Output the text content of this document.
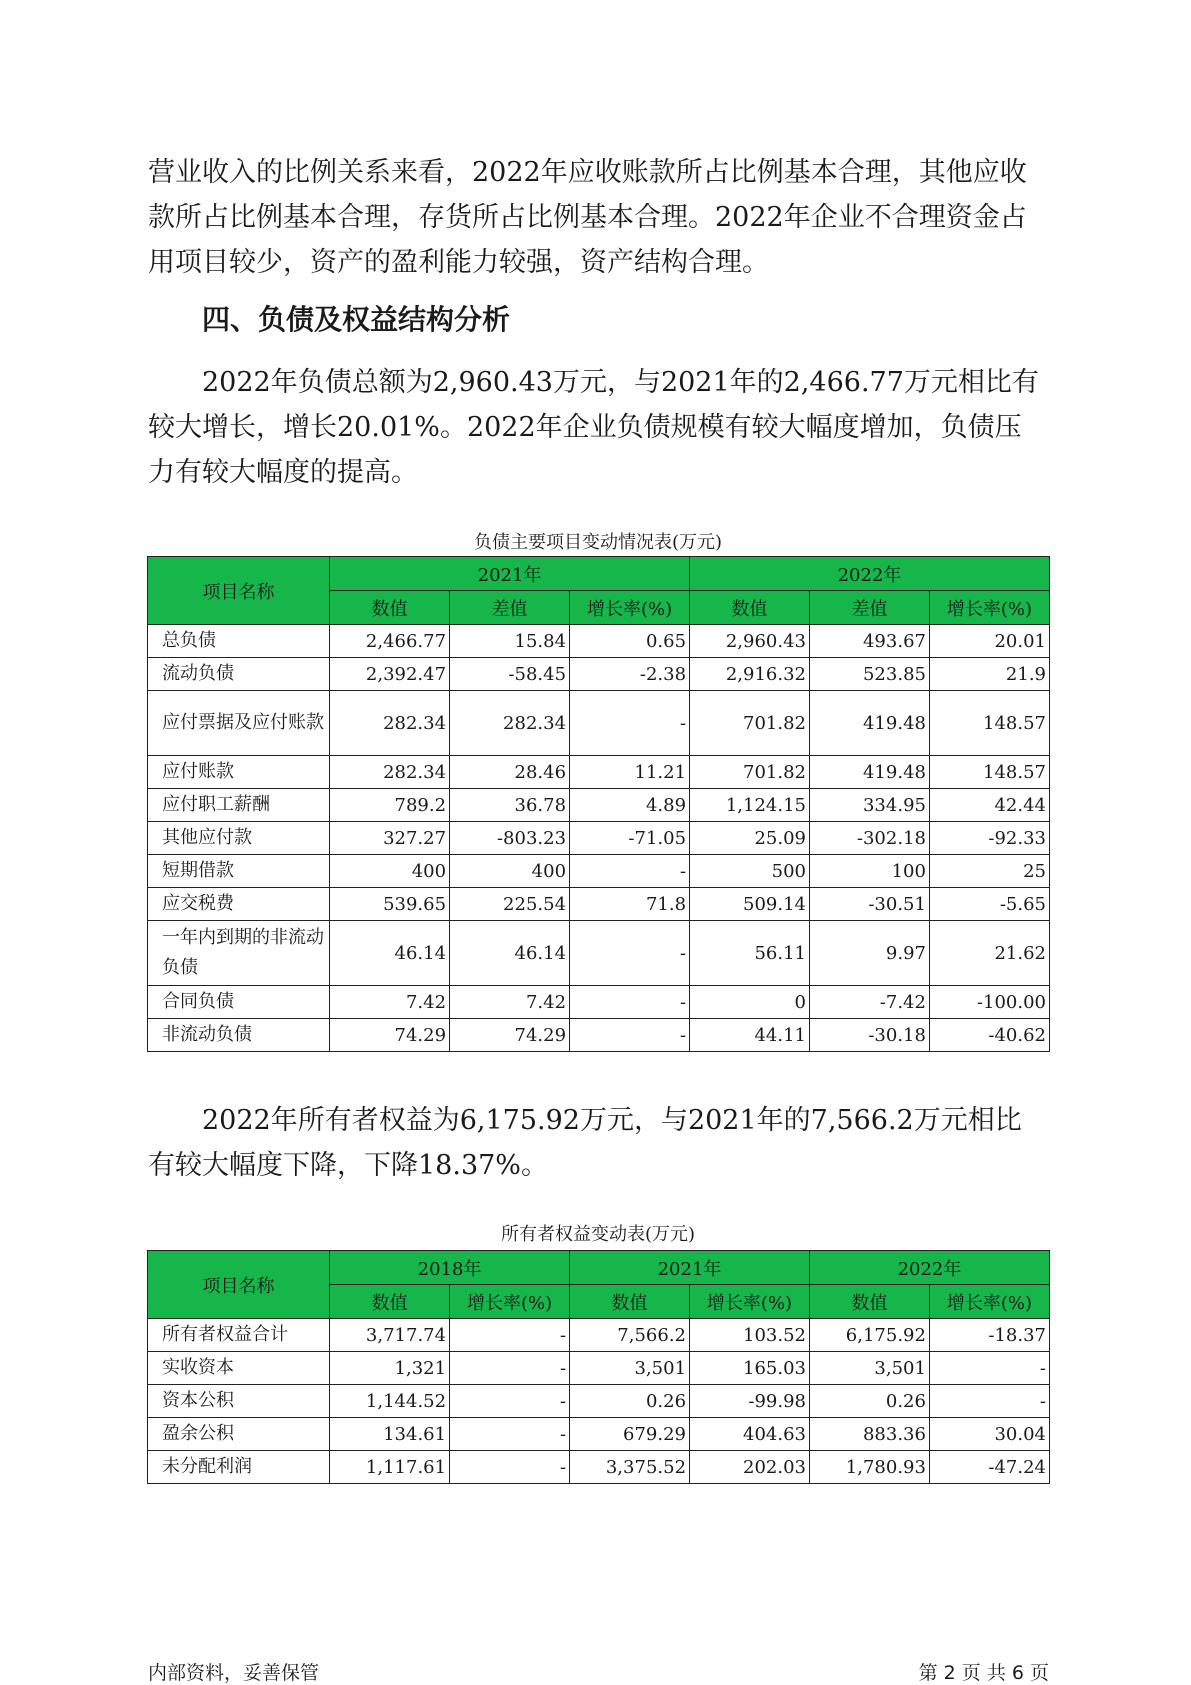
营业收入的比例关系来看，2022年应收账款所占比例基本合理，其他应收款所占比例基本合理，存货所占比例基本合理。2022年企业不合理资金占用项目较少，资产的盈利能力较强，资产结构合理。

四、负债及权益结构分析

2022年负债总额为2,960.43万元，与2021年的2,466.77万元相比有较大增长，增长20.01%。2022年企业负债规模有较大幅度增加，负债压力有较大幅度的提高。

负债主要项目变动情况表(万元)

项目名称	2021年			2022年		
	数值	差值	增长率(%)	数值	差值	增长率(%)
总负债	2,466.77	15.84	0.65	2,960.43	493.67	20.01
流动负债	2,392.47	-58.45	-2.38	2,916.32	523.85	21.9
应付票据及应付账款	282.34	282.34	-	701.82	419.48	148.57
应付账款	282.34	28.46	11.21	701.82	419.48	148.57
应付职工薪酬	789.2	36.78	4.89	1,124.15	334.95	42.44
其他应付款	327.27	-803.23	-71.05	25.09	-302.18	-92.33
短期借款	400	400	-	500	100	25
应交税费	539.65	225.54	71.8	509.14	-30.51	-5.65
一年内到期的非流动负债	46.14	46.14	-	56.11	9.97	21.62
合同负债	7.42	7.42	-	0	-7.42	-100.00
非流动负债	74.29	74.29	-	44.11	-30.18	-40.62

2022年所有者权益为6,175.92万元，与2021年的7,566.2万元相比有较大幅度下降，下降18.37%。

所有者权益变动表(万元)

项目名称	2018年		2021年		2022年	
	数值	增长率(%)	数值	增长率(%)	数值	增长率(%)
所有者权益合计	3,717.74	-	7,566.2	103.52	6,175.92	-18.37
实收资本	1,321	-	3,501	165.03	3,501	-
资本公积	1,144.52	-	0.26	-99.98	0.26	-
盈余公积	134.61	-	679.29	404.63	883.36	30.04
未分配利润	1,117.61	-	3,375.52	202.03	1,780.93	-47.24
内部资料，妥善保管	第 2 页 共 6 页
